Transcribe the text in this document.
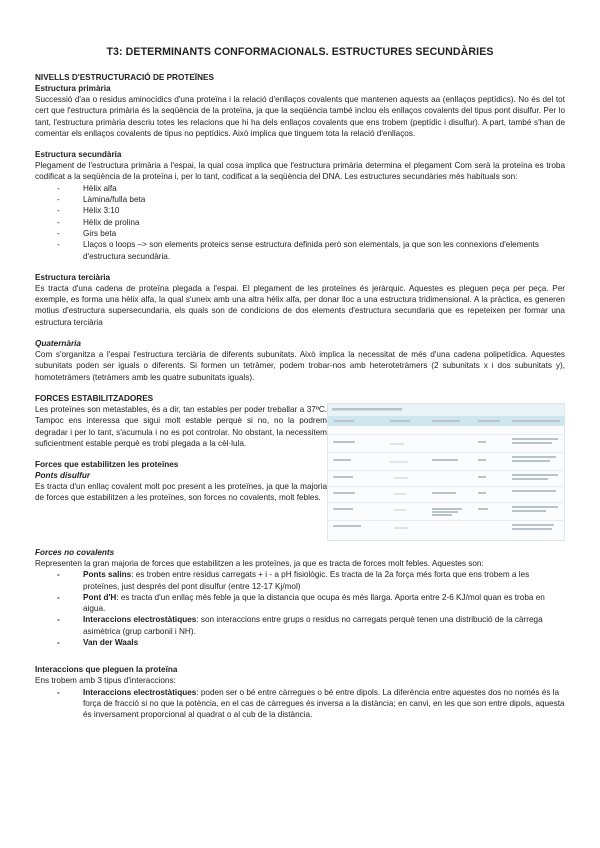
T3: DETERMINANTS CONFORMACIONALS. ESTRUCTURES SECUNDÀRIES
NIVELLS D'ESTRUCTURACIÓ DE PROTEÏNES
Estructura primària

Successió d'aa o residus aminocídics d'una proteïna i la relació d'enllaços covalents que mantenen aquests aa (enllaços peptídics). No és del tot cert que l'estructura primària és la seqüència de la proteïna, ja que la seqüència també inclou els enllaços covalents del tipus pont disulfur. Per lo tant, l'estructura primària descriu totes les relacions que hi ha dels enllaços covalents que ens trobem (peptídic i disulfur). A part, també s'han de comentar els enllaços covalents de tipus no peptídics. Això implica que tinguem tota la relació d'enllaços.

Estructura secundària

Plegament de l'estructura primària a l'espai, la qual cosa implica que l'estructura primària determina el plegament Com serà la proteïna es troba codificat a la seqüència de la proteïna i, per lo tant, codificat a la seqüència del DNA. Les estructures secundàries més habituals son:

- Hèlix alfa
- Làmina/fulla beta
- Hèlix 3:10
- Hèlix de prolina
- Girs beta
- Llaços o loops –> son elements proteics sense estructura definida però son elementals, ja que son les connexions d'elements d'estructura secundària.
Estructura terciària

Es tracta d'una cadena de proteïna plegada a l'espai. El plegament de les proteïnes és jeràrquic. Aquestes es pleguen peça per peça. Per exemple, es forma una hèlix alfa, la qual s'uneix amb una altra hèlix alfa, per donar lloc a una estructura tridimensional. A la pràctica, es generen motius d'estructura supersecundaria, els quals son de condicions de dos elements d'estructura secundaria que es repeteixen per formar una estructura terciària

Quaternària

Com s'organitza a l'espai l'estructura terciària de diferents subunitats. Això implica la necessitat de més d'una cadena polipetídica. Aquestes subunitats poden ser iguals o diferents. Si formen un tetràmer, podem trobar-nos amb heterotetràmers (2 subunitats x i dos subunitats y), homotetràmers (tetràmers amb les quatre subunitats iguals).

FORCES ESTABILITZADORES

Les proteïnes son metastables, és a dir, tan estables per poder treballar a 37ºC. Tampoc ens interessa que sigui molt estable perquè si no, no la podrem degradar i per lo tant, s'acumula i no es pot controlar. No obstant, la necessitem suficientment estable perquè es trobi plegada a la cèl·lula.

Forces que estabilitzen les proteïnes
Ponts disulfur

Es tracta d'un enllaç covalent molt poc present a les proteïnes, ja que la majoria de forces que estabilitzen a les proteïnes, son forces no covalents, molt febles.

Forces no covalents

Representen la gran majoria de forces que estabilitzen a les proteïnes, ja que es tracta de forces molt febles. Aquestes son:

- Ponts salins: es troben entre residus carregats + i - a pH fisiològic. Es tracta de la 2a força més forta que ens trobem a les proteïnes, just després del pont disulfur (entre 12-17 Kj/mol)
- Pont d'H: es tracta d'un enllaç més feble ja que la distancia que ocupa és més llarga. Aporta entre 2-6 KJ/mol quan es troba en aigua.
- Interaccions electrostàtiques: son interaccions entre grups o residus no carregats perquè tenen una distribució de la càrrega asimètrica (grup carbonil i NH).
- Van der Waals
Interaccions que pleguen la proteïna

Ens trobem amb 3 tipus d'interaccions:

- Interaccions electrostàtiques: poden ser o bé entre càrregues o bé entre dipols. La diferència entre aquestes dos no només és la força de fracció si no que la potència, en el cas de càrregues és inversa a la distància; en canvi, en les que son entre dipols, aquesta és inversament proporcional al quadrat o al cub de la distància.
